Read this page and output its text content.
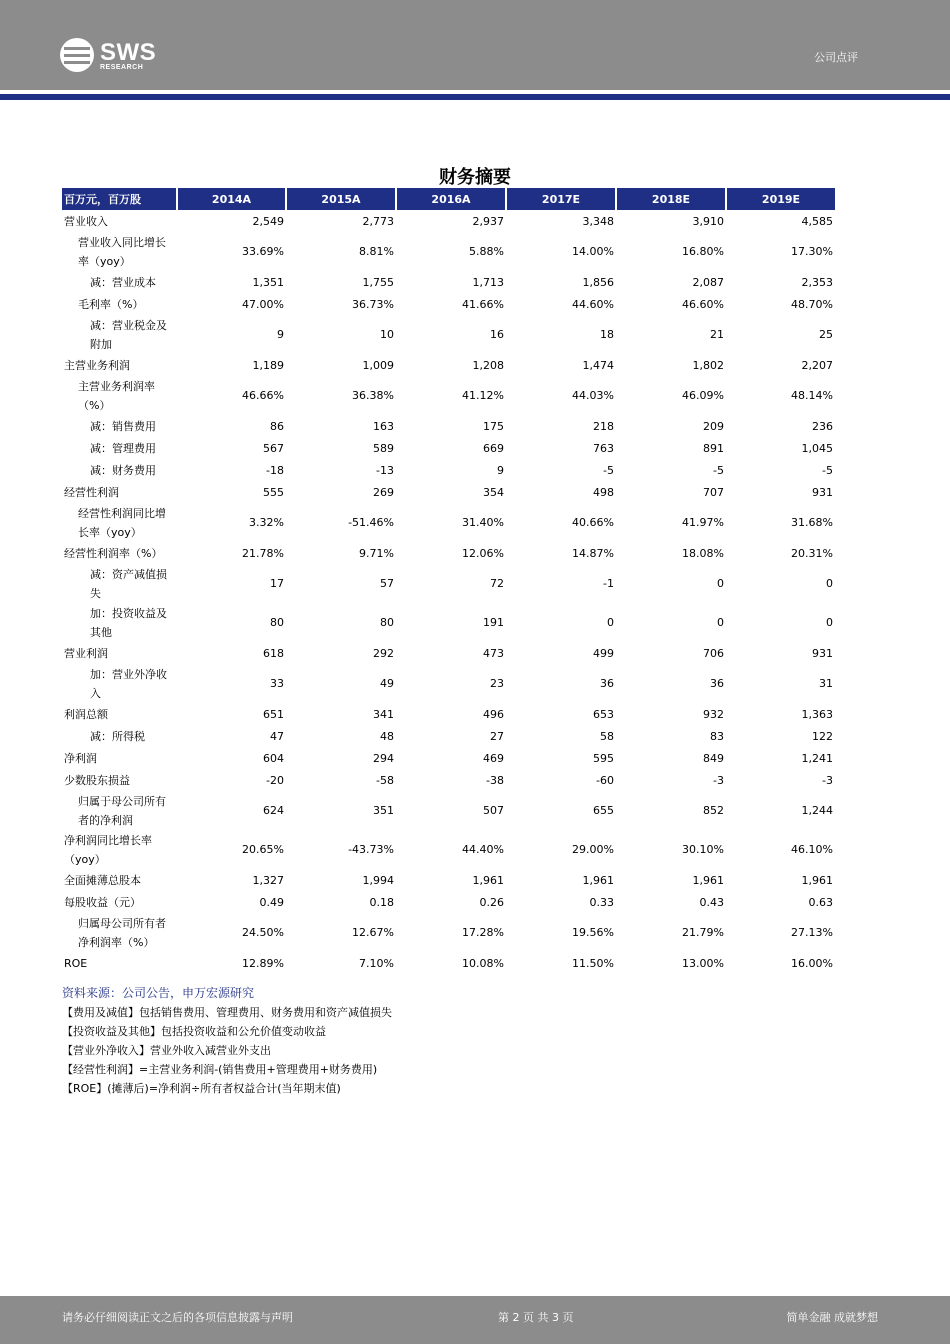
SWS
RESEARCH
公司点评
财务摘要
百万元，百万股	2014A	2015A	2016A	2017E	2018E	2019E
营业收入	2,549	2,773	2,937	3,348	3,910	4,585
营业收入同比增长率（yoy）	33.69%	8.81%	5.88%	14.00%	16.80%	17.30%
减：营业成本	1,351	1,755	1,713	1,856	2,087	2,353
毛利率（%）	47.00%	36.73%	41.66%	44.60%	46.60%	48.70%
减：营业税金及附加	9	10	16	18	21	25
主营业务利润	1,189	1,009	1,208	1,474	1,802	2,207
主营业务利润率（%）	46.66%	36.38%	41.12%	44.03%	46.09%	48.14%
减：销售费用	86	163	175	218	209	236
减：管理费用	567	589	669	763	891	1,045
减：财务费用	-18	-13	9	-5	-5	-5
经营性利润	555	269	354	498	707	931
经营性利润同比增长率（yoy）	3.32%	-51.46%	31.40%	40.66%	41.97%	31.68%
经营性利润率（%）	21.78%	9.71%	12.06%	14.87%	18.08%	20.31%
减：资产减值损失	17	57	72	-1	0	0
加：投资收益及其他	80	80	191	0	0	0
营业利润	618	292	473	499	706	931
加：营业外净收入	33	49	23	36	36	31
利润总额	651	341	496	653	932	1,363
减：所得税	47	48	27	58	83	122
净利润	604	294	469	595	849	1,241
少数股东损益	-20	-58	-38	-60	-3	-3
归属于母公司所有者的净利润	624	351	507	655	852	1,244
净利润同比增长率（yoy）	20.65%	-43.73%	44.40%	29.00%	30.10%	46.10%
全面摊薄总股本	1,327	1,994	1,961	1,961	1,961	1,961
每股收益（元）	0.49	0.18	0.26	0.33	0.43	0.63
归属母公司所有者净利润率（%）	24.50%	12.67%	17.28%	19.56%	21.79%	27.13%
ROE	12.89%	7.10%	10.08%	11.50%	13.00%	16.00%
资料来源：公司公告，申万宏源研究
【费用及减值】包括销售费用、管理费用、财务费用和资产减值损失
【投资收益及其他】包括投资收益和公允价值变动收益
【营业外净收入】营业外收入减营业外支出
【经营性利润】=主营业务利润-(销售费用+管理费用+财务费用)
【ROE】(摊薄后)=净利润÷所有者权益合计(当年期末值)
请务必仔细阅读正文之后的各项信息披露与声明	第 2 页 共 3 页	简单金融 成就梦想
